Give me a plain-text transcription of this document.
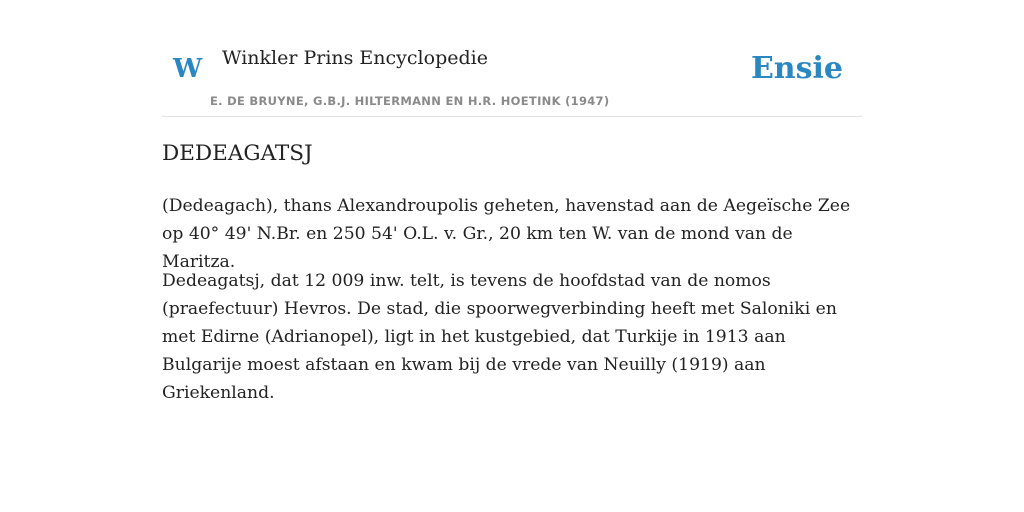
W Winkler Prins Encyclopedie
E. DE BRUYNE, G.B.J. HILTERMANN EN H.R. HOETINK (1947)
Ensie
DEDEAGATSJ

(Dedeagach), thans Alexandroupolis geheten, havenstad aan de Aegeïsche Zee op 40° 49' N.Br. en 250 54' O.L. v. Gr., 20 km ten W. van de mond van de Maritza.

Dedeagatsj, dat 12 009 inw. telt, is tevens de hoofdstad van de nomos (praefectuur) Hevros. De stad, die spoorwegverbinding heeft met Saloniki en met Edirne (Adrianopel), ligt in het kustgebied, dat Turkije in 1913 aan Bulgarije moest afstaan en kwam bij de vrede van Neuilly (1919) aan Griekenland.
